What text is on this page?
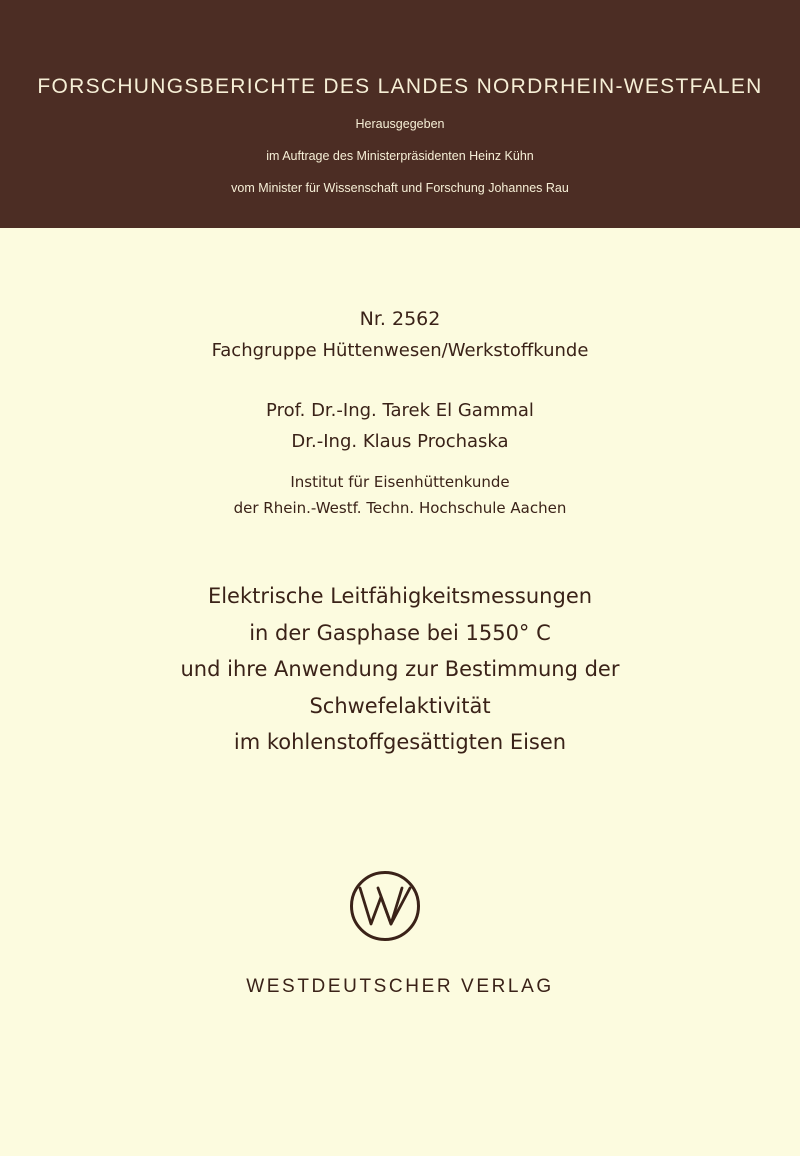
FORSCHUNGSBERICHTE DES LANDES NORDRHEIN-WESTFALEN
Herausgegeben
im Auftrage des Ministerpräsidenten Heinz Kühn
vom Minister für Wissenschaft und Forschung Johannes Rau
Nr. 2562
Fachgruppe Hüttenwesen/Werkstoffkunde
Prof. Dr.-Ing. Tarek El Gammal
Dr.-Ing. Klaus Prochaska
Institut für Eisenhüttenkunde
der Rhein.-Westf. Techn. Hochschule Aachen
Elektrische Leitfähigkeitsmessungen
in der Gasphase bei 1550° C
und ihre Anwendung zur Bestimmung der
Schwefelaktivität
im kohlenstoffgesättigten Eisen
WESTDEUTSCHER VERLAG
